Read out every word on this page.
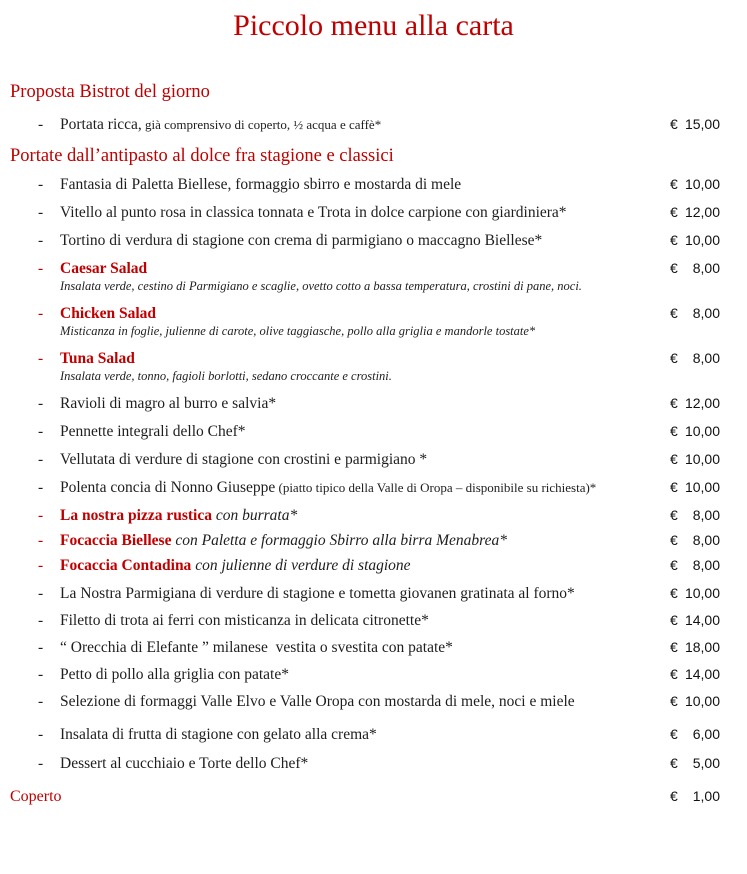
Piccolo menu alla carta
Proposta Bistrot del giorno
-	Portata ricca, già comprensivo di coperto, ½ acqua e caffè*	€ 15,00
Portate dall’antipasto al dolce fra stagione e classici
-	Fantasia di Paletta Biellese, formaggio sbirro e mostarda di mele	€ 10,00
-	Vitello al punto rosa in classica tonnata e Trota in dolce carpione con giardiniera*	€ 12,00
-	Tortino di verdura di stagione con crema di parmigiano o maccagno Biellese*	€ 10,00
-	Caesar Salad	€ 8,00
Insalata verde, cestino di Parmigiano e scaglie, ovetto cotto a bassa temperatura, crostini di pane, noci.
-	Chicken Salad	€ 8,00
Misticanza in foglie, julienne di carote, olive taggiasche, pollo alla griglia e mandorle tostate*
-	Tuna Salad	€ 8,00
Insalata verde, tonno, fagioli borlotti, sedano croccante e crostini.
-	Ravioli di magro al burro e salvia*	€ 12,00
-	Pennette integrali dello Chef*	€ 10,00
-	Vellutata di verdure di stagione con crostini e parmigiano *	€ 10,00
-	Polenta concia di Nonno Giuseppe (piatto tipico della Valle di Oropa – disponibile su richiesta)*	€ 10,00
-	La nostra pizza rustica con burrata*	€ 8,00
-	Focaccia Biellese con Paletta e formaggio Sbirro alla birra Menabrea*	€ 8,00
-	Focaccia Contadina con julienne di verdure di stagione	€ 8,00
-	La Nostra Parmigiana di verdure di stagione e tometta giovanen gratinata al forno*	€ 10,00
-	Filetto di trota ai ferri con misticanza in delicata citronette*	€ 14,00
-	“ Orecchia di Elefante ” milanese  vestita o svestita con patate*	€ 18,00
-	Petto di pollo alla griglia con patate*	€ 14,00
-	Selezione di formaggi Valle Elvo e Valle Oropa con mostarda di mele, noci e miele	€ 10,00
-	Insalata di frutta di stagione con gelato alla crema*	€ 6,00
-	Dessert al cucchiaio e Torte dello Chef*	€ 5,00
Coperto	€ 1,00
